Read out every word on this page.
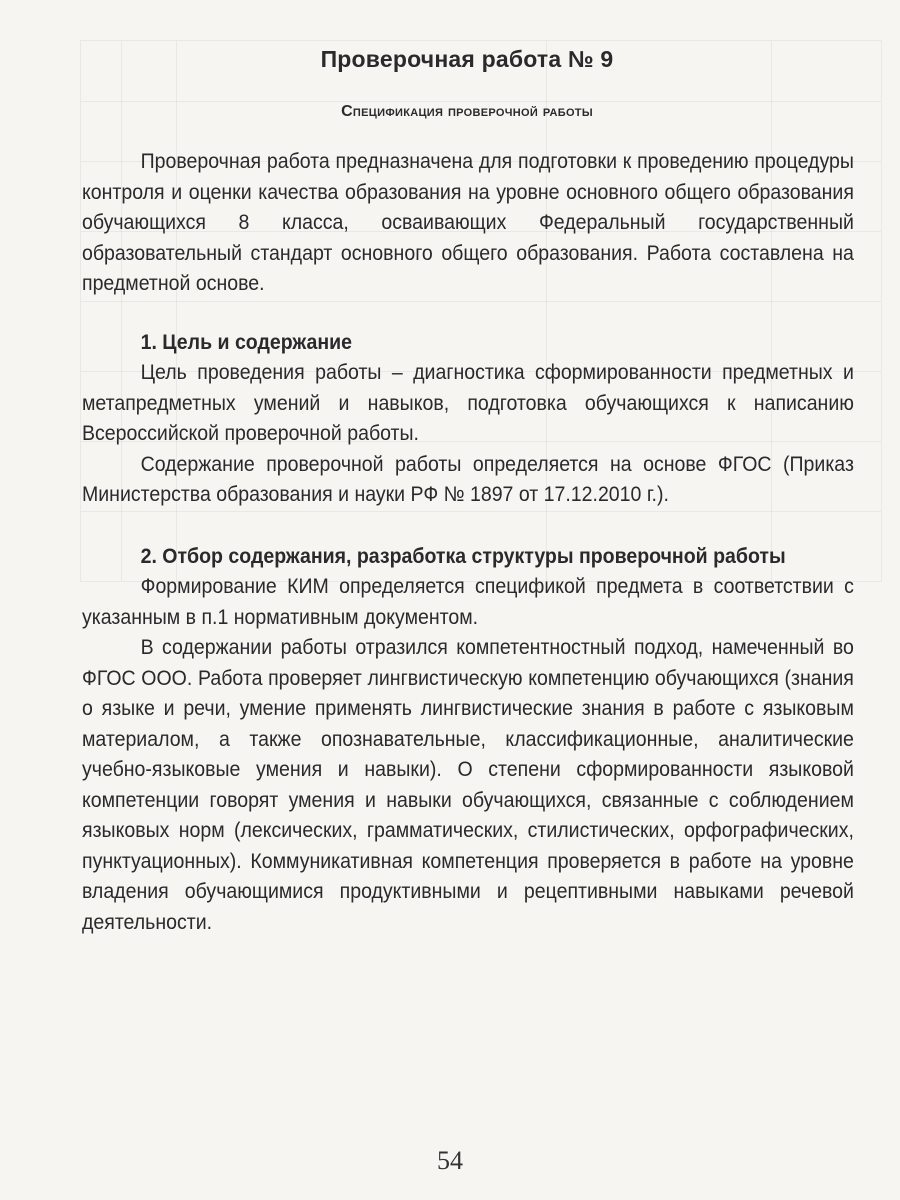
Проверочная работа № 9
Спецификация проверочной работы

Проверочная работа предназначена для подготовки к проведению процедуры контроля и оценки качества образования на уровне основного общего образования обучающихся 8 класса, осваивающих Федеральный государственный образовательный стандарт основного общего образования. Работа составлена на предметной основе.

1. Цель и содержание

Цель проведения работы – диагностика сформированности предметных и метапредметных умений и навыков, подготовка обучающихся к написанию Всероссийской проверочной работы.

Содержание проверочной работы определяется на основе ФГОС (Приказ Министерства образования и науки РФ № 1897 от 17.12.2010 г.).

2. Отбор содержания, разработка структуры проверочной работы

Формирование КИМ определяется спецификой предмета в соответствии с указанным в п.1 нормативным документом.

В содержании работы отразился компетентностный подход, намеченный во ФГОС ООО. Работа проверяет лингвистическую компетенцию обучающихся (знания о языке и речи, умение применять лингвистические знания в работе с языковым материалом, а также опознавательные, классификационные, аналитические учебно-языковые умения и навыки). О степени сформированности языковой компетенции говорят умения и навыки обучающихся, связанные с соблюдением языковых норм (лексических, грамматических, стилистических, орфографических, пунктуационных). Коммуникативная компетенция проверяется в работе на уровне владения обучающимися продуктивными и рецептивными навыками речевой деятельности.

54
